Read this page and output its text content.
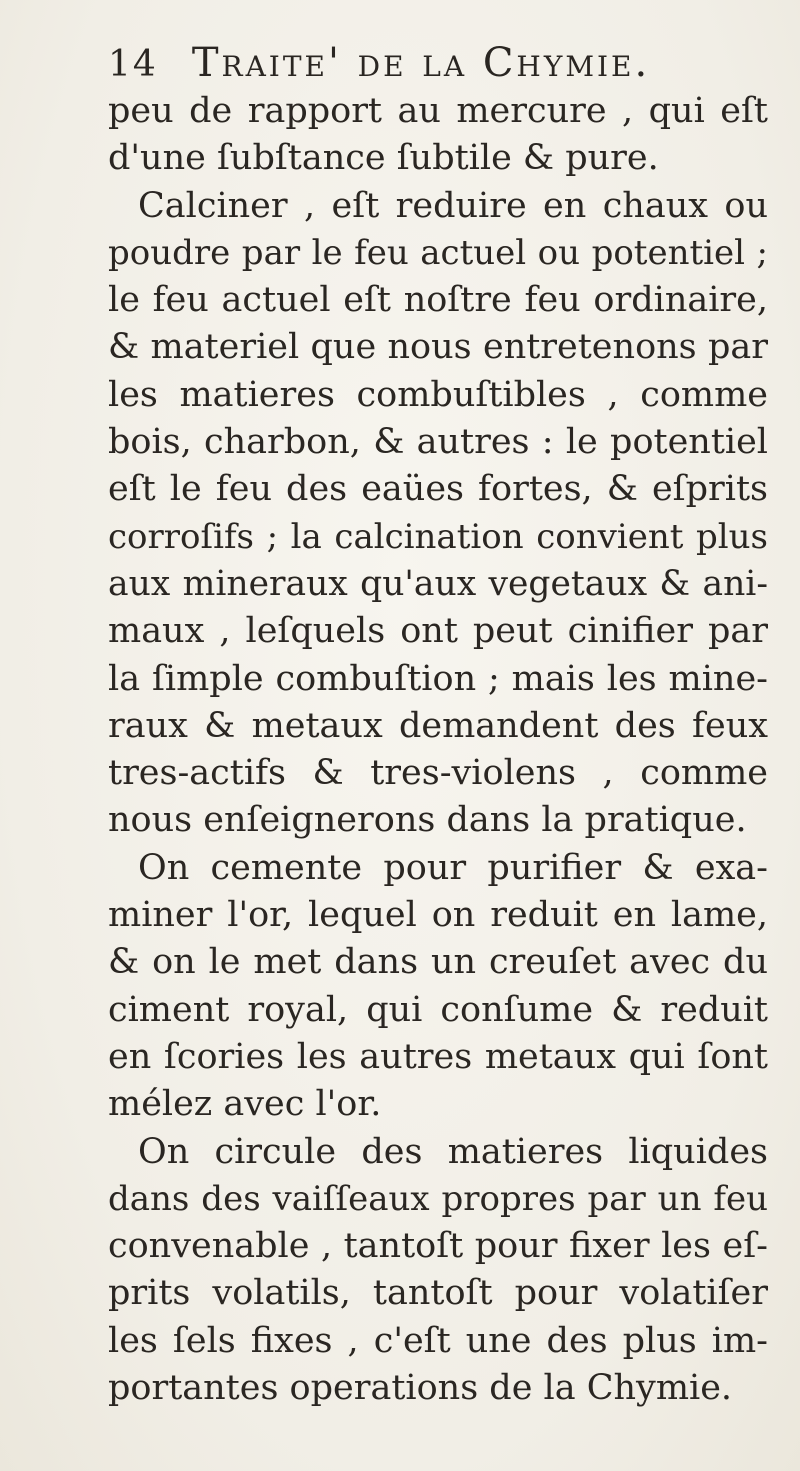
14 Traite' de la Chymie.
peu de rapport au mercure , qui eſt
d'une ſubſtance ſubtile & pure.
Calciner , eſt reduire en chaux ou
poudre par le feu actuel ou potentiel ;
le feu actuel eſt noſtre feu ordinaire,
& materiel que nous entretenons par
les matieres combuſtibles , comme
bois, charbon, & autres : le potentiel
eſt le feu des eaües fortes, & eſprits
corroſifs ; la calcination convient plus
aux mineraux qu'aux vegetaux & ani-
maux , leſquels ont peut cinifier par
la ſimple combuſtion ; mais les mine-
raux & metaux demandent des feux
tres-actifs & tres-violens , comme
nous enſeignerons dans la pratique.
On cemente pour purifier & exa-
miner l'or, lequel on reduit en lame,
& on le met dans un creuſet avec du
ciment royal, qui conſume & reduit
en ſcories les autres metaux qui ſont
mélez avec l'or.
On circule des matieres liquides
dans des vaiſſeaux propres par un feu
convenable , tantoſt pour fixer les eſ-
prits volatils, tantoſt pour volatiſer
les ſels fixes , c'eſt une des plus im-
portantes operations de la Chymie.
